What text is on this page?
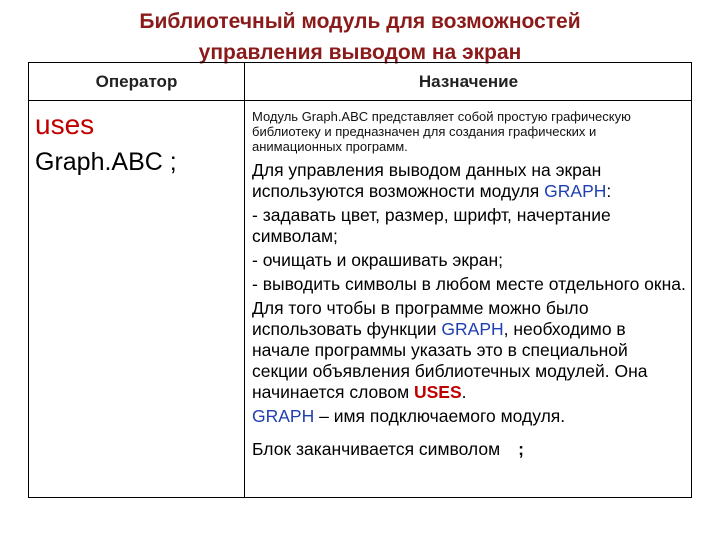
Библиотечный модуль для возможностей
управления выводом на экран
Оператор	Назначение
uses
Graph.ABC ;

Модуль Graph.ABC представляет собой простую графическую библиотеку и предназначен для создания графических и анимационных программ.

Для управления выводом данных на экран используются возможности модуля GRAPH:

- задавать цвет, размер, шрифт, начертание символам;

- очищать и окрашивать экран;

- выводить символы в любом месте отдельного окна.

Для того чтобы в программе можно было использовать функции GRAPH, необходимо в начале программы указать это в специальной секции объявления библиотечных модулей. Она начинается словом USES.

GRAPH – имя подключаемого модуля.

Блок заканчивается символом ;
